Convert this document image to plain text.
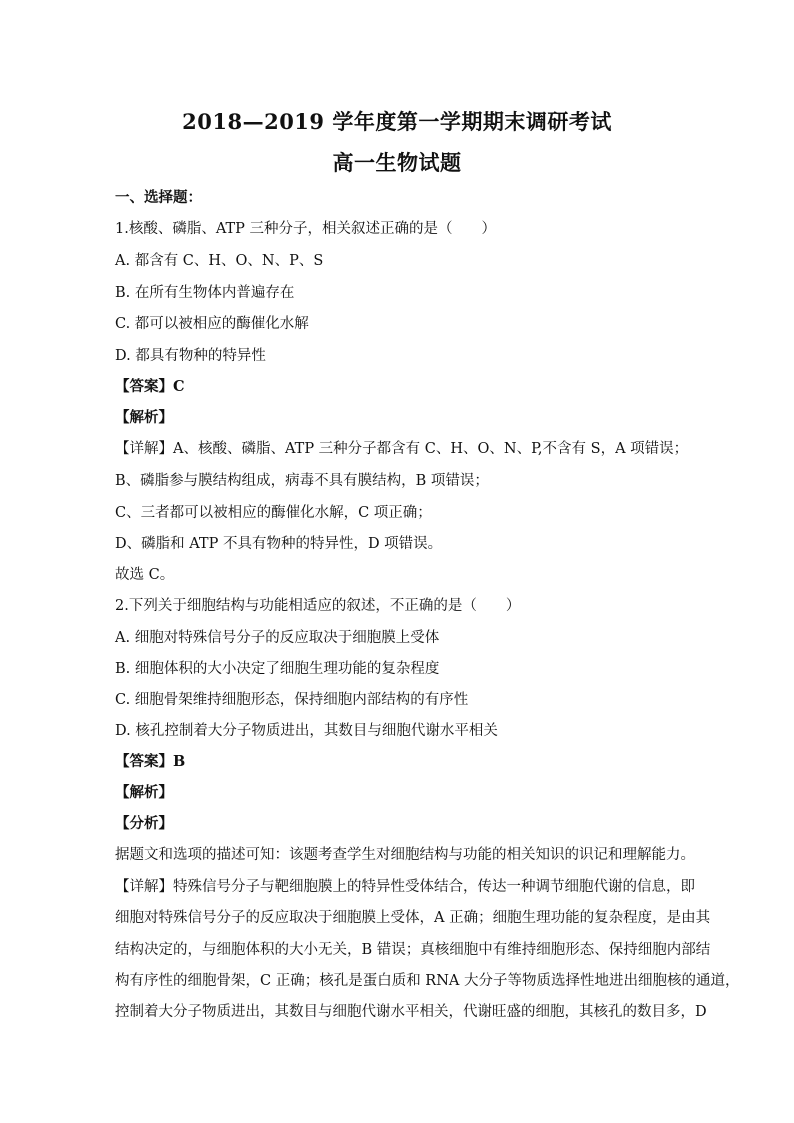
2018—2019 学年度第一学期期末调研考试
高一生物试题
一、选择题：
1.核酸、磷脂、ATP 三种分子，相关叙述正确的是（　　）
A. 都含有 C、H、O、N、P、S
B. 在所有生物体内普遍存在
C. 都可以被相应的酶催化水解
D. 都具有物种的特异性
【答案】C
【解析】
【详解】A、核酸、磷脂、ATP 三种分子都含有 C、H、O、N、P,不含有 S，A 项错误；
B、磷脂参与膜结构组成，病毒不具有膜结构，B 项错误；
C、三者都可以被相应的酶催化水解，C 项正确；
D、磷脂和 ATP 不具有物种的特异性，D 项错误。
故选 C。
2.下列关于细胞结构与功能相适应的叙述，不正确的是（　　）
A. 细胞对特殊信号分子的反应取决于细胞膜上受体
B. 细胞体积的大小决定了细胞生理功能的复杂程度
C. 细胞骨架维持细胞形态，保持细胞内部结构的有序性
D. 核孔控制着大分子物质进出，其数目与细胞代谢水平相关
【答案】B
【解析】
【分析】
据题文和选项的描述可知：该题考查学生对细胞结构与功能的相关知识的识记和理解能力。
【详解】特殊信号分子与靶细胞膜上的特异性受体结合，传达一种调节细胞代谢的信息，即
细胞对特殊信号分子的反应取决于细胞膜上受体，A 正确；细胞生理功能的复杂程度，是由其
结构决定的，与细胞体积的大小无关，B 错误；真核细胞中有维持细胞形态、保持细胞内部结
构有序性的细胞骨架，C 正确；核孔是蛋白质和 RNA 大分子等物质选择性地进出细胞核的通道，
控制着大分子物质进出，其数目与细胞代谢水平相关，代谢旺盛的细胞，其核孔的数目多，D
